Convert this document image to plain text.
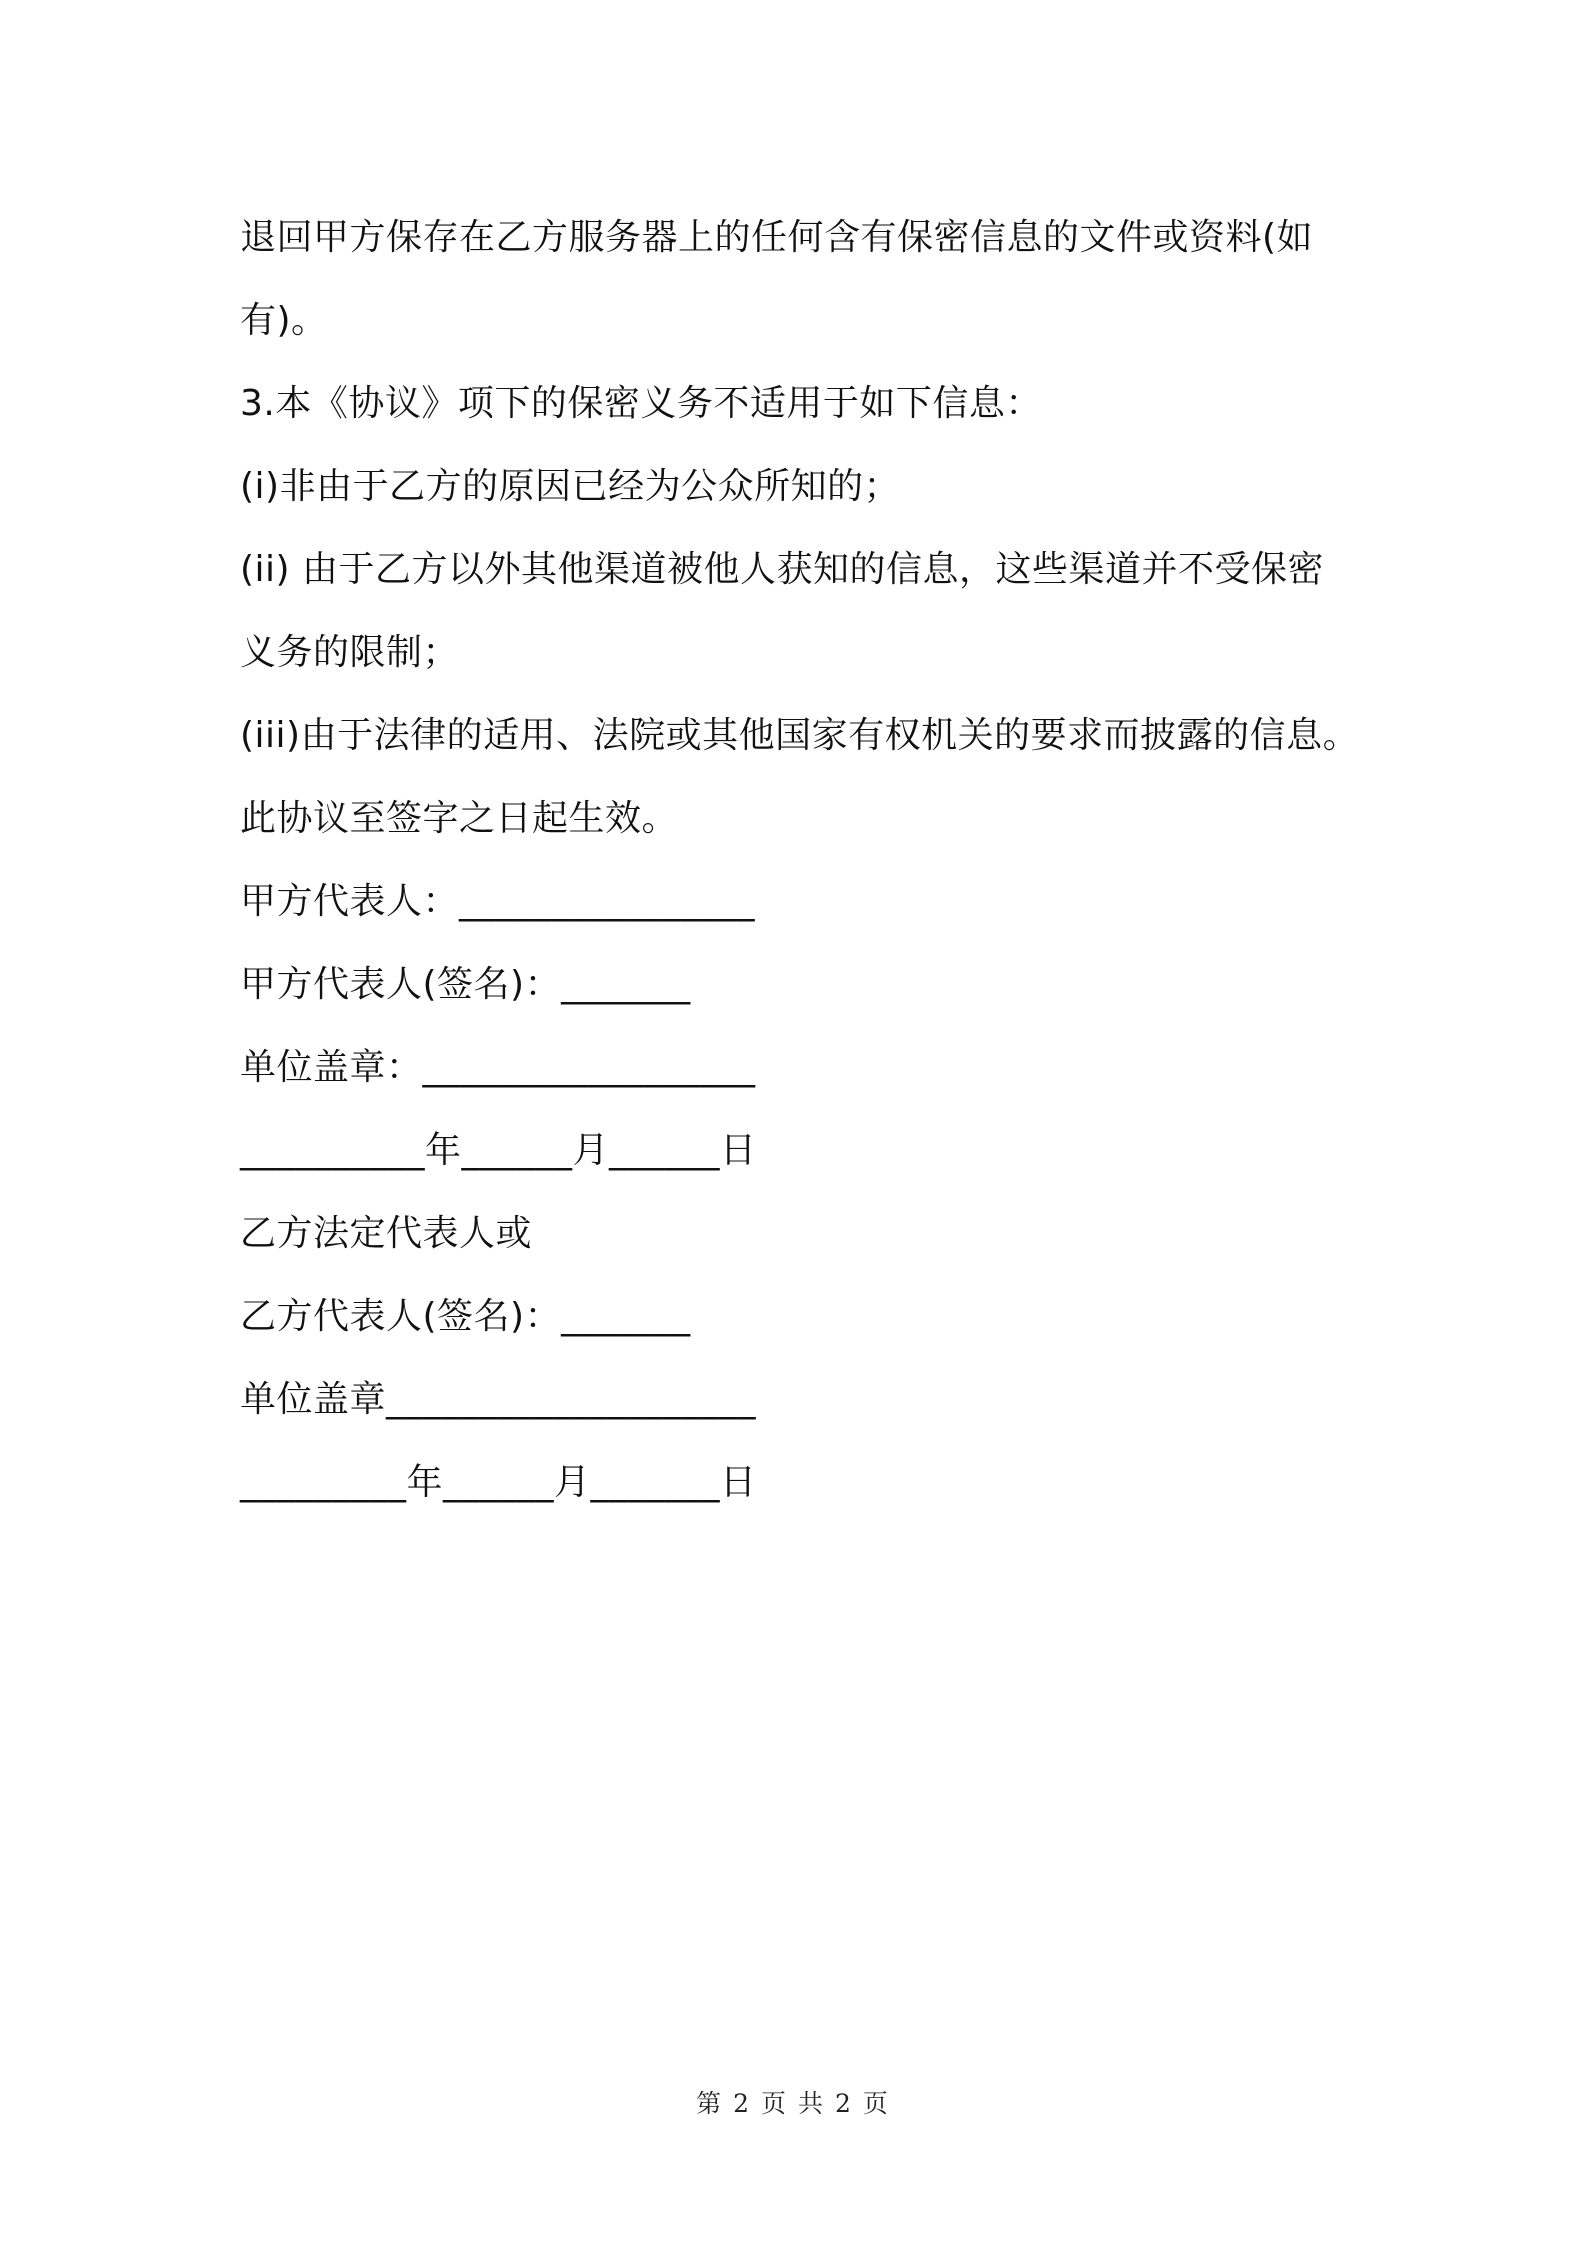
退回甲方保存在乙方服务器上的任何含有保密信息的文件或资料(如
有)。
3.本《协议》项下的保密义务不适用于如下信息：
(i)非由于乙方的原因已经为公众所知的；
(ii) 由于乙方以外其他渠道被他人获知的信息，这些渠道并不受保密
义务的限制；
(iii)由于法律的适用、法院或其他国家有权机关的要求而披露的信息。
此协议至签字之日起生效。
甲方代表人：________________
甲方代表人(签名)：_______
单位盖章：__________________
__________年______月______日
乙方法定代表人或
乙方代表人(签名)：_______
单位盖章____________________
_________年______月_______日
第 2 页 共 2 页
